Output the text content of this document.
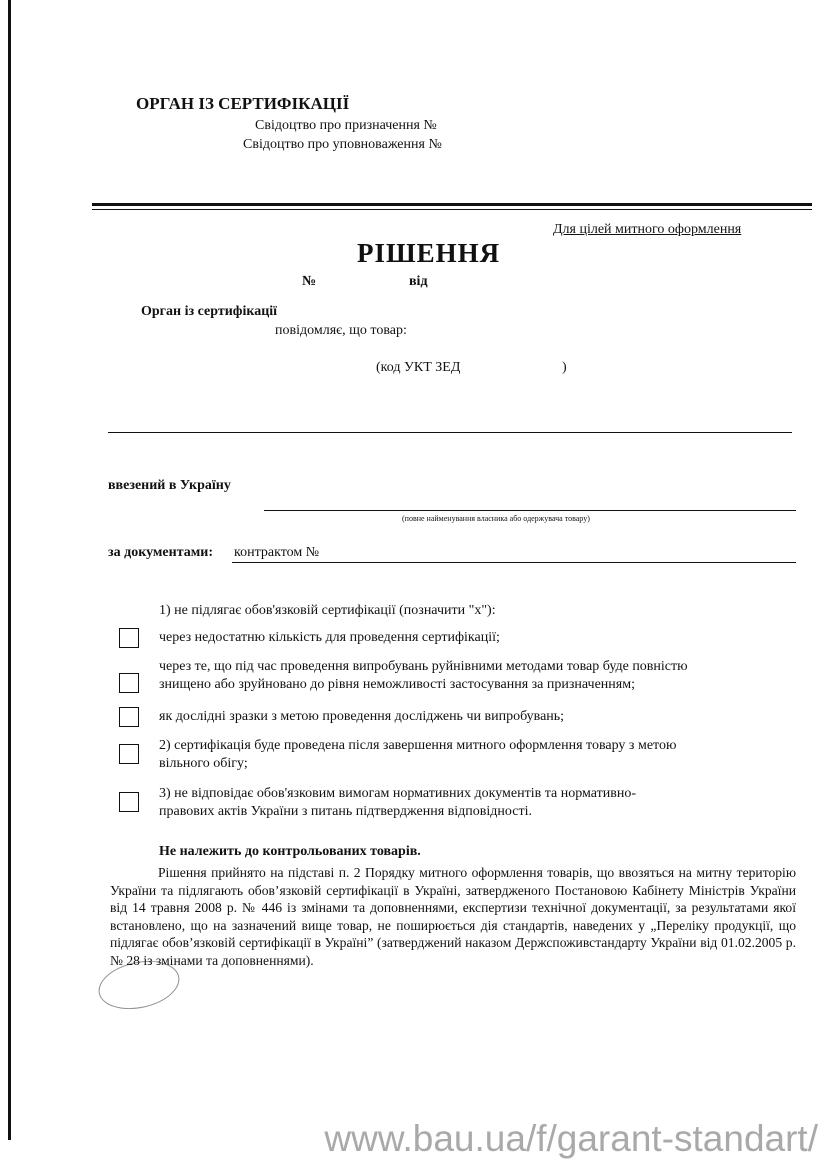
ОРГАН ІЗ СЕРТИФІКАЦІЇ
Свідоцтво про призначення №
Свідоцтво про уповноваження №
Для цілей митного оформлення
РІШЕННЯ
№	від
Орган із сертифікації
повідомляє, що товар:
(код УКТ ЗЕД	)
ввезений в Україну
(повне найменування власника або одержувача товару)
за документами: контрактом №
1) не підлягає обов'язковій сертифікації (позначити "х"):
через недостатню кількість для проведення сертифікації;
через те, що під час проведення випробувань руйнівними методами товар буде повністю
знищено або зруйновано до рівня неможливості застосування за призначенням;
як дослідні зразки з метою проведення досліджень чи випробувань;
2) сертифікація буде проведена після завершення митного оформлення товару з метою
вільного обігу;
3) не відповідає обов'язковим вимогам нормативних документів та нормативно-
правових актів України з питань підтвердження відповідності.
Не належить до контрольованих товарів.
Рішення прийнято на підставі п. 2 Порядку митного оформлення товарів, що ввозяться на митну територію України та підлягають обов’язковій сертифікації в Україні, затвердженого Постановою Кабінету Міністрів України від 14 травня 2008 р. № 446 із змінами та доповненнями, експертизи технічної документації, за результатами якої встановлено, що на зазначений вище товар, не поширюється дія стандартів, наведених у „Переліку продукції, що підлягає обов’язковій сертифікації в Україні” (затверджений наказом Держспоживстандарту України від 01.02.2005 р. № 28 із змінами та доповненнями).
www.bau.ua/f/garant-standart/
